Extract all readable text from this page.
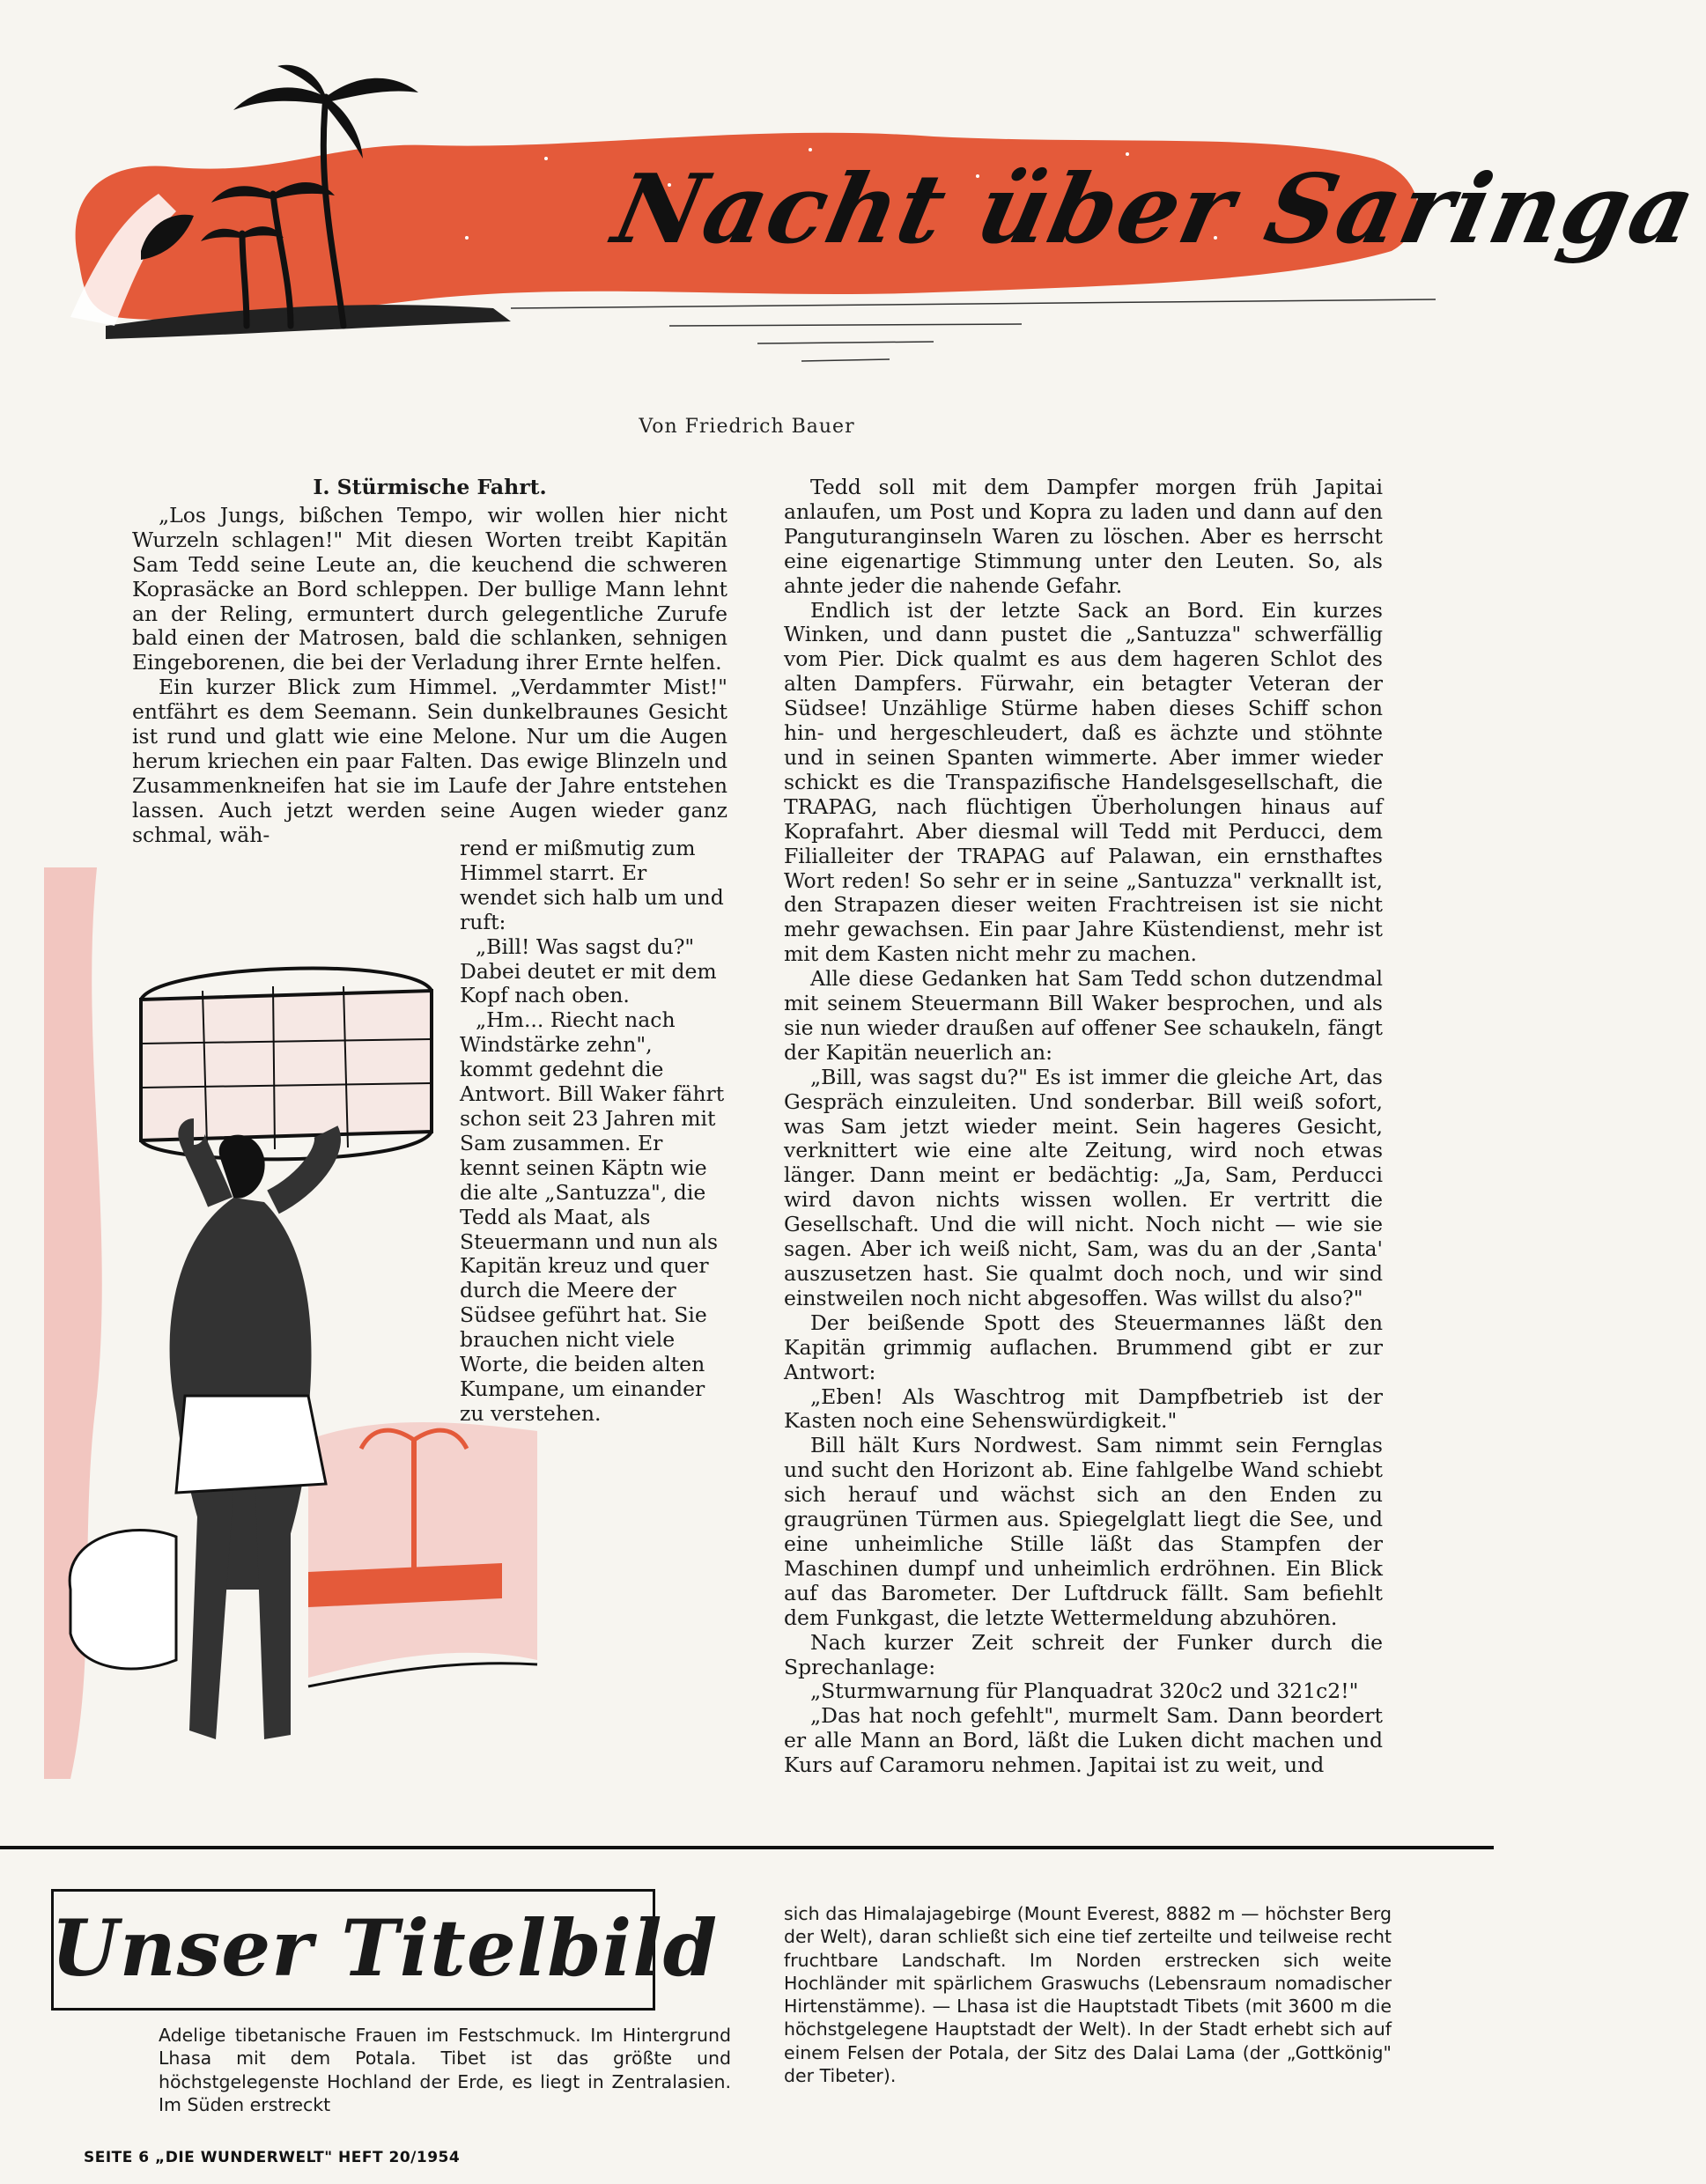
Nacht über Saringa
Von Friedrich Bauer

I. Stürmische Fahrt.

„Los Jungs, bißchen Tempo, wir wollen hier nicht Wurzeln schlagen!" Mit diesen Worten treibt Kapitän Sam Tedd seine Leute an, die keuchend die schweren Koprasäcke an Bord schleppen. Der bullige Mann lehnt an der Reling, ermuntert durch gelegentliche Zurufe bald einen der Matrosen, bald die schlanken, sehnigen Eingeborenen, die bei der Verladung ihrer Ernte helfen.

Ein kurzer Blick zum Himmel. „Verdammter Mist!" entfährt es dem Seemann. Sein dunkelbraunes Gesicht ist rund und glatt wie eine Melone. Nur um die Augen herum kriechen ein paar Falten. Das ewige Blinzeln und Zusammenkneifen hat sie im Laufe der Jahre entstehen lassen. Auch jetzt werden seine Augen wieder ganz schmal, wäh-

rend er mißmutig zum Himmel starrt. Er wendet sich halb um und ruft:

„Bill! Was sagst du?" Dabei deutet er mit dem Kopf nach oben.

„Hm... Riecht nach Windstärke zehn", kommt gedehnt die Antwort. Bill Waker fährt schon seit 23 Jahren mit Sam zusammen. Er kennt seinen Käptn wie die alte „Santuzza", die Tedd als Maat, als Steuermann und nun als Kapitän kreuz und quer durch die Meere der Südsee geführt hat. Sie brauchen nicht viele Worte, die beiden alten Kumpane, um einander zu verstehen.

Tedd soll mit dem Dampfer morgen früh Japitai anlaufen, um Post und Kopra zu laden und dann auf den Panguturanginseln Waren zu löschen. Aber es herrscht eine eigenartige Stimmung unter den Leuten. So, als ahnte jeder die nahende Gefahr.

Endlich ist der letzte Sack an Bord. Ein kurzes Winken, und dann pustet die „Santuzza" schwerfällig vom Pier. Dick qualmt es aus dem hageren Schlot des alten Dampfers. Fürwahr, ein betagter Veteran der Südsee! Unzählige Stürme haben dieses Schiff schon hin- und hergeschleudert, daß es ächzte und stöhnte und in seinen Spanten wimmerte. Aber immer wieder schickt es die Transpazifische Handelsgesellschaft, die TRAPAG, nach flüchtigen Überholungen hinaus auf Koprafahrt. Aber diesmal will Tedd mit Perducci, dem Filialleiter der TRAPAG auf Palawan, ein ernsthaftes Wort reden! So sehr er in seine „Santuzza" verknallt ist, den Strapazen dieser weiten Frachtreisen ist sie nicht mehr gewachsen. Ein paar Jahre Küstendienst, mehr ist mit dem Kasten nicht mehr zu machen.

Alle diese Gedanken hat Sam Tedd schon dutzendmal mit seinem Steuermann Bill Waker besprochen, und als sie nun wieder draußen auf offener See schaukeln, fängt der Kapitän neuerlich an:

„Bill, was sagst du?" Es ist immer die gleiche Art, das Gespräch einzuleiten. Und sonderbar. Bill weiß sofort, was Sam jetzt wieder meint. Sein hageres Gesicht, verknittert wie eine alte Zeitung, wird noch etwas länger. Dann meint er bedächtig: „Ja, Sam, Perducci wird davon nichts wissen wollen. Er vertritt die Gesellschaft. Und die will nicht. Noch nicht — wie sie sagen. Aber ich weiß nicht, Sam, was du an der ‚Santa' auszusetzen hast. Sie qualmt doch noch, und wir sind einstweilen noch nicht abgesoffen. Was willst du also?"

Der beißende Spott des Steuermannes läßt den Kapitän grimmig auflachen. Brummend gibt er zur Antwort:

„Eben! Als Waschtrog mit Dampfbetrieb ist der Kasten noch eine Sehenswürdigkeit."

Bill hält Kurs Nordwest. Sam nimmt sein Fernglas und sucht den Horizont ab. Eine fahlgelbe Wand schiebt sich herauf und wächst sich an den Enden zu graugrünen Türmen aus. Spiegelglatt liegt die See, und eine unheimliche Stille läßt das Stampfen der Maschinen dumpf und unheimlich erdröhnen. Ein Blick auf das Barometer. Der Luftdruck fällt. Sam befiehlt dem Funkgast, die letzte Wettermeldung abzuhören.

Nach kurzer Zeit schreit der Funker durch die Sprechanlage:

„Sturmwarnung für Planquadrat 320c2 und 321c2!"

„Das hat noch gefehlt", murmelt Sam. Dann beordert er alle Mann an Bord, läßt die Luken dicht machen und Kurs auf Caramoru nehmen. Japitai ist zu weit, und

Unser Titelbild

Adelige tibetanische Frauen im Festschmuck. Im Hintergrund Lhasa mit dem Potala. Tibet ist das größte und höchstgelegenste Hochland der Erde, es liegt in Zentralasien. Im Süden erstreckt

sich das Himalajagebirge (Mount Everest, 8882 m — höchster Berg der Welt), daran schließt sich eine tief zerteilte und teilweise recht fruchtbare Landschaft. Im Norden erstrecken sich weite Hochländer mit spärlichem Graswuchs (Lebensraum nomadischer Hirtenstämme). — Lhasa ist die Hauptstadt Tibets (mit 3600 m die höchstgelegene Hauptstadt der Welt). In der Stadt erhebt sich auf einem Felsen der Potala, der Sitz des Dalai Lama (der „Gottkönig" der Tibeter).

SEITE 6 „DIE WUNDERWELT" HEFT 20/1954
